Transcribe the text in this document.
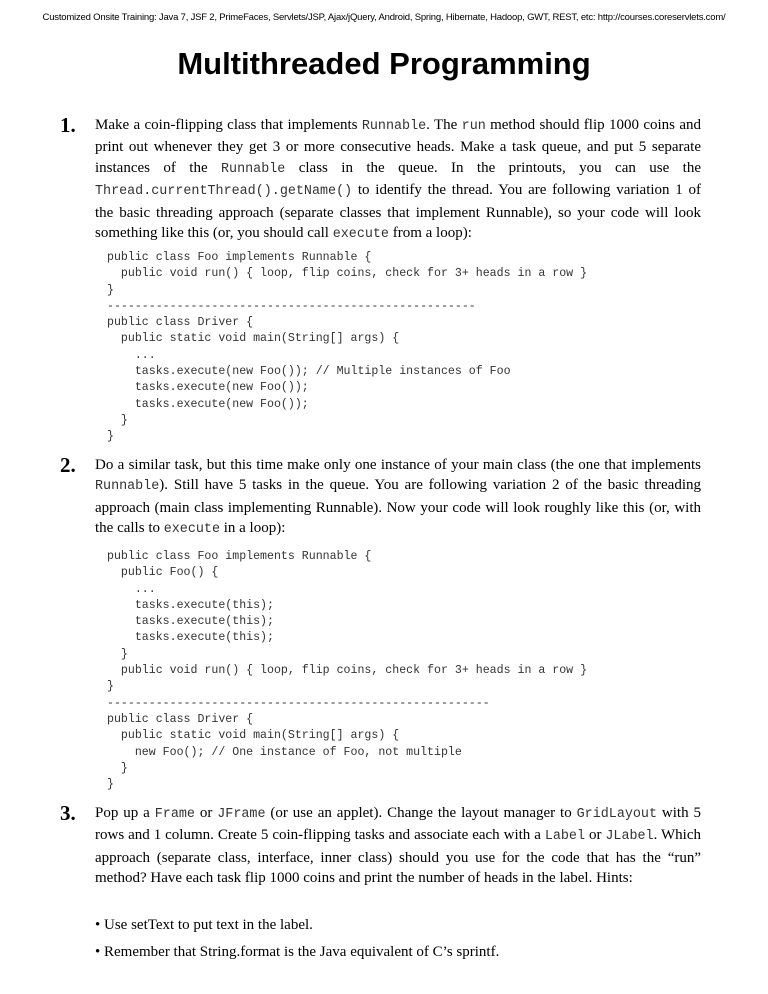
Customized Onsite Training: Java 7, JSF 2, PrimeFaces, Servlets/JSP, Ajax/jQuery, Android, Spring, Hibernate, Hadoop, GWT, REST, etc: http://courses.coreservlets.com/
Multithreaded Programming
1. Make a coin-flipping class that implements Runnable. The run method should flip 1000 coins and print out whenever they get 3 or more consecutive heads. Make a task queue, and put 5 separate instances of the Runnable class in the queue. In the printouts, you can use the Thread.currentThread().getName() to identify the thread. You are following variation 1 of the basic threading approach (separate classes that implement Runnable), so your code will look something like this (or, you should call execute from a loop):

public class Foo implements Runnable {
public void run() { loop, flip coins, check for 3+ heads in a row }
}
-----------------------------------------------------
public class Driver {
public static void main(String[] args) {
...
tasks.execute(new Foo()); // Multiple instances of Foo
tasks.execute(new Foo());
tasks.execute(new Foo());
}
}
2. Do a similar task, but this time make only one instance of your main class (the one that implements Runnable). Still have 5 tasks in the queue. You are following variation 2 of the basic threading approach (main class implementing Runnable). Now your code will look roughly like this (or, with the calls to execute in a loop):

public class Foo implements Runnable {
public Foo() {
...
tasks.execute(this);
tasks.execute(this);
tasks.execute(this);
}
public void run() { loop, flip coins, check for 3+ heads in a row }
}
-------------------------------------------------------
public class Driver {
public static void main(String[] args) {
new Foo(); // One instance of Foo, not multiple
}
}
3. Pop up a Frame or JFrame (or use an applet). Change the layout manager to GridLayout with 5 rows and 1 column. Create 5 coin-flipping tasks and associate each with a Label or JLabel. Which approach (separate class, interface, inner class) should you use for the code that has the “run” method? Have each task flip 1000 coins and print the number of heads in the label. Hints:

• Use setText to put text in the label.

• Remember that String.format is the Java equivalent of C’s sprintf.
